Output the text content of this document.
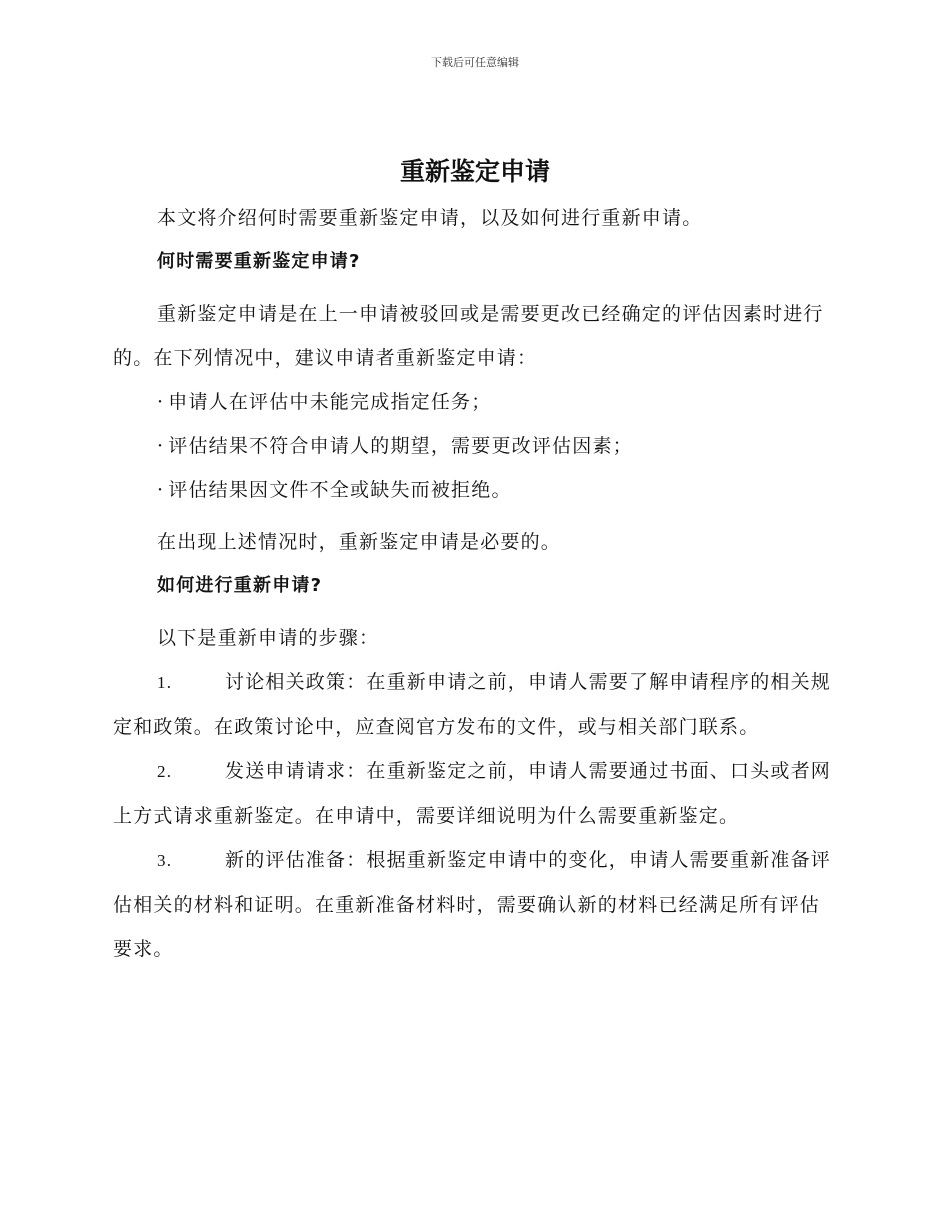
下载后可任意编辑
重新鉴定申请

本文将介绍何时需要重新鉴定申请，以及如何进行重新申请。

何时需要重新鉴定申请?

重新鉴定申请是在上一申请被驳回或是需要更改已经确定的评估因素时进行的。在下列情况中，建议申请者重新鉴定申请：

· 申请人在评估中未能完成指定任务；

· 评估结果不符合申请人的期望，需要更改评估因素；

· 评估结果因文件不全或缺失而被拒绝。

在出现上述情况时，重新鉴定申请是必要的。

如何进行重新申请?

以下是重新申请的步骤：

1.	讨论相关政策：在重新申请之前，申请人需要了解申请程序的相关规定和政策。在政策讨论中，应查阅官方发布的文件，或与相关部门联系。

2.	发送申请请求：在重新鉴定之前，申请人需要通过书面、口头或者网上方式请求重新鉴定。在申请中，需要详细说明为什么需要重新鉴定。

3.	新的评估准备：根据重新鉴定申请中的变化，申请人需要重新准备评估相关的材料和证明。在重新准备材料时，需要确认新的材料已经满足所有评估要求。
